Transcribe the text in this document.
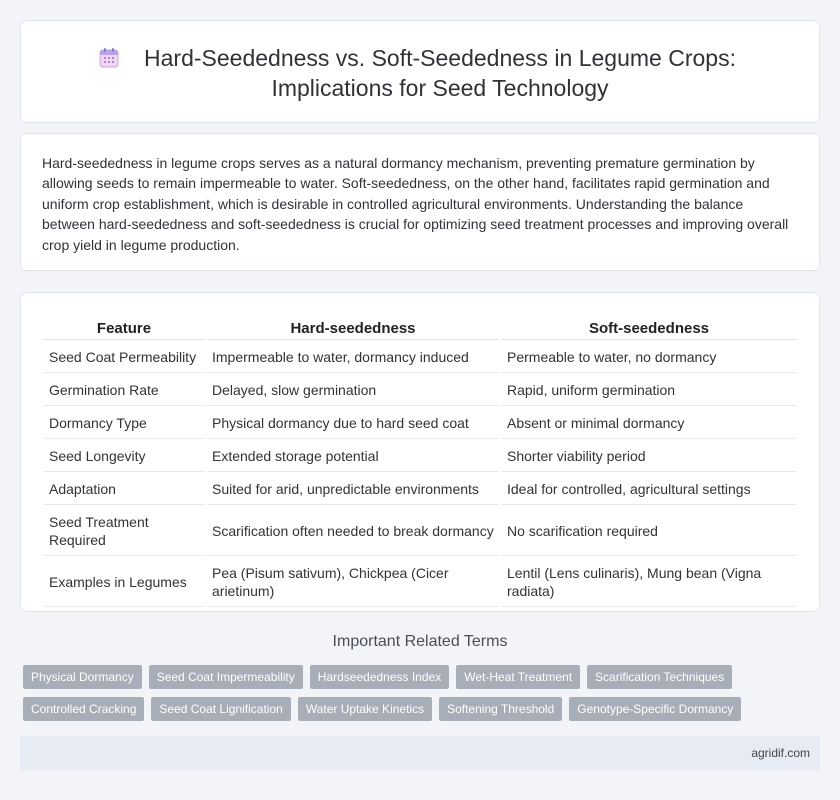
Hard-Seededness vs. Soft-Seededness in Legume Crops: Implications for Seed Technology

Hard-seededness in legume crops serves as a natural dormancy mechanism, preventing premature germination by allowing seeds to remain impermeable to water. Soft-seededness, on the other hand, facilitates rapid germination and uniform crop establishment, which is desirable in controlled agricultural environments. Understanding the balance between hard-seededness and soft-seededness is crucial for optimizing seed treatment processes and improving overall crop yield in legume production.

Feature	Hard-seededness	Soft-seededness
Seed Coat Permeability	Impermeable to water, dormancy induced	Permeable to water, no dormancy
Germination Rate	Delayed, slow germination	Rapid, uniform germination
Dormancy Type	Physical dormancy due to hard seed coat	Absent or minimal dormancy
Seed Longevity	Extended storage potential	Shorter viability period
Adaptation	Suited for arid, unpredictable environments	Ideal for controlled, agricultural settings
Seed Treatment Required	Scarification often needed to break dormancy	No scarification required
Examples in Legumes	Pea (Pisum sativum), Chickpea (Cicer arietinum)	Lentil (Lens culinaris), Mung bean (Vigna radiata)
Important Related Terms
Physical Dormancy	Seed Coat Impermeability	Hardseededness Index	Wet-Heat Treatment	Scarification Techniques
Controlled Cracking	Seed Coat Lignification	Water Uptake Kinetics	Softening Threshold	Genotype-Specific Dormancy
agridif.com
